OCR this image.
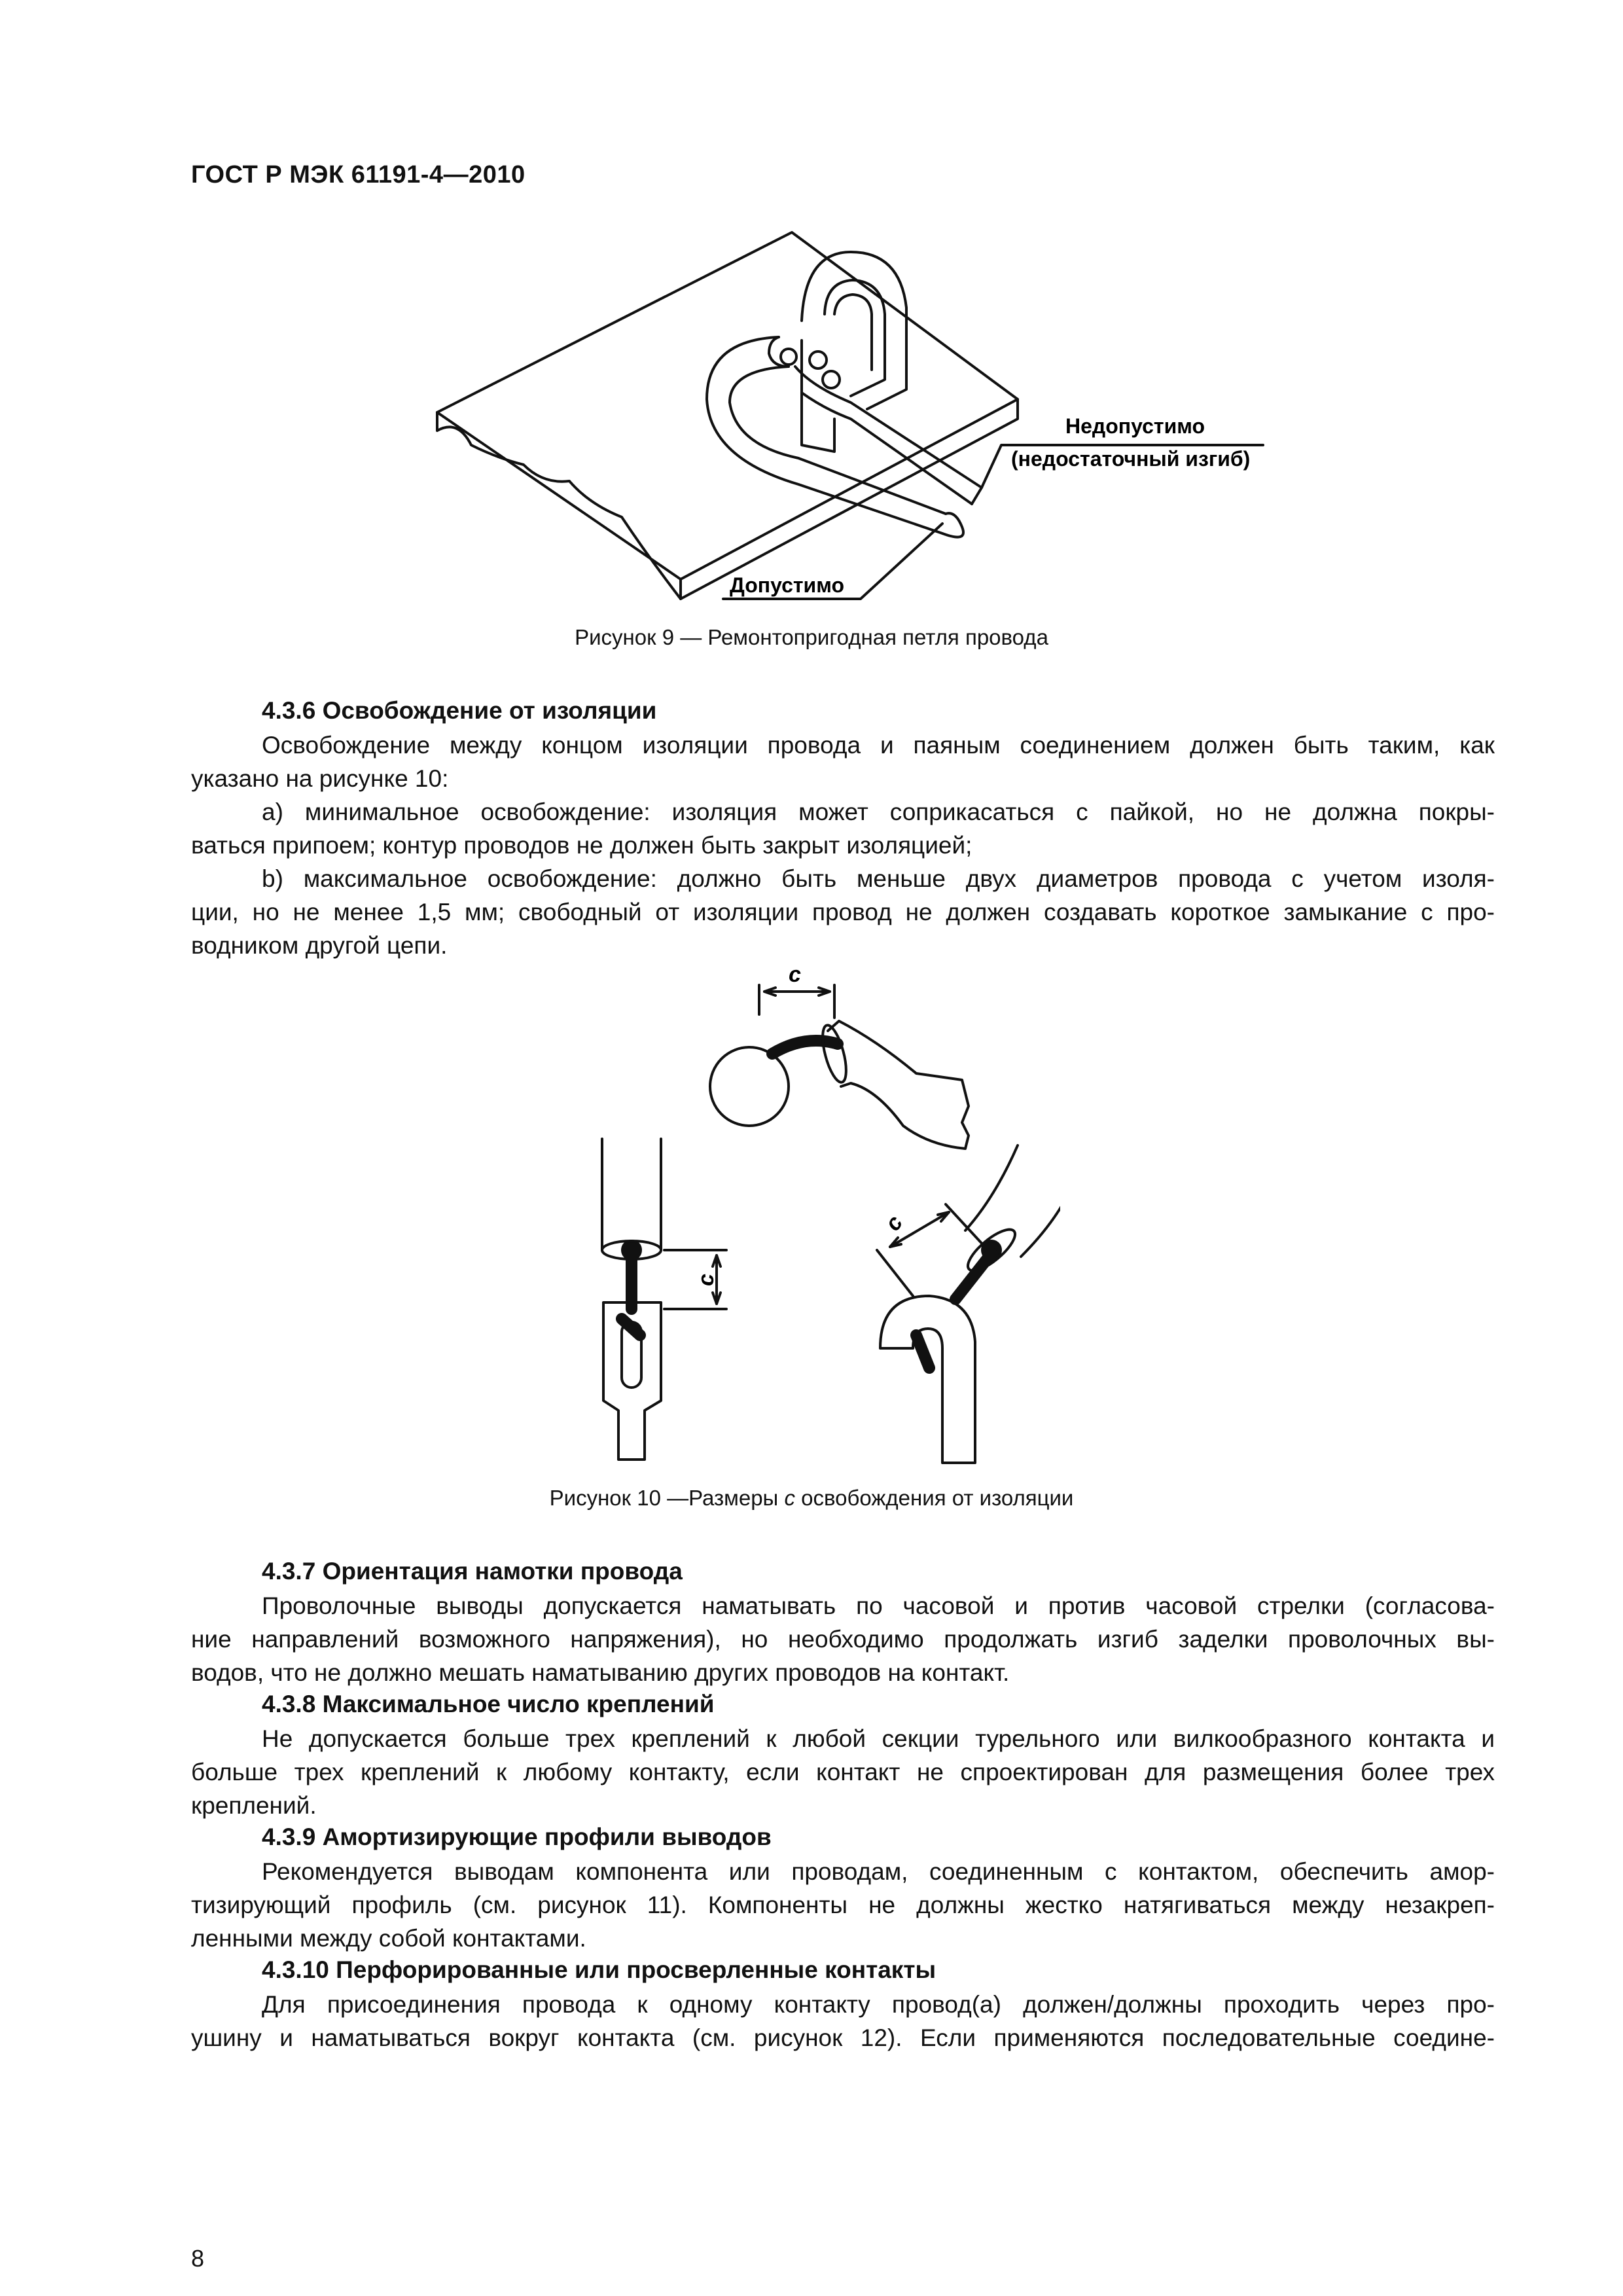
ГОСТ Р МЭК 61191-4—2010
Недопустимо
(недостаточный изгиб)
Допустимо
Рисунок 9 — Ремонтопригодная петля провода
4.3.6 Освобождение от изоляции
Освобождение между концом изоляции провода и паяным соединением должен быть таким, как
указано на рисунке 10:
a) минимальное освобождение: изоляция может соприкасаться с пайкой, но не должна покры-
ваться припоем; контур проводов не должен быть закрыт изоляцией;
b) максимальное освобождение: должно быть меньше двух диаметров провода с учетом изоля-
ции, но не менее 1,5 мм; свободный от изоляции провод не должен создавать короткое замыкание с про-
водником другой цепи.
c
c
c
Рисунок 10 —Размеры c освобождения от изоляции
4.3.7 Ориентация намотки провода
Проволочные выводы допускается наматывать по часовой и против часовой стрелки (согласова-
ние направлений возможного напряжения), но необходимо продолжать изгиб заделки проволочных вы-
водов, что не должно мешать наматыванию других проводов на контакт.
4.3.8 Максимальное число креплений
Не допускается больше трех креплений к любой секции турельного или вилкообразного контакта и
больше трех креплений к любому контакту, если контакт не спроектирован для размещения более трех
креплений.
4.3.9 Амортизирующие профили выводов
Рекомендуется выводам компонента или проводам, соединенным с контактом, обеспечить амор-
тизирующий профиль (см. рисунок 11). Компоненты не должны жестко натягиваться между незакреп-
ленными между собой контактами.
4.3.10 Перфорированные или просверленные контакты
Для присоединения провода к одному контакту провод(а) должен/должны проходить через про-
ушину и наматываться вокруг контакта (см. рисунок 12). Если применяются последовательные соедине-
8
